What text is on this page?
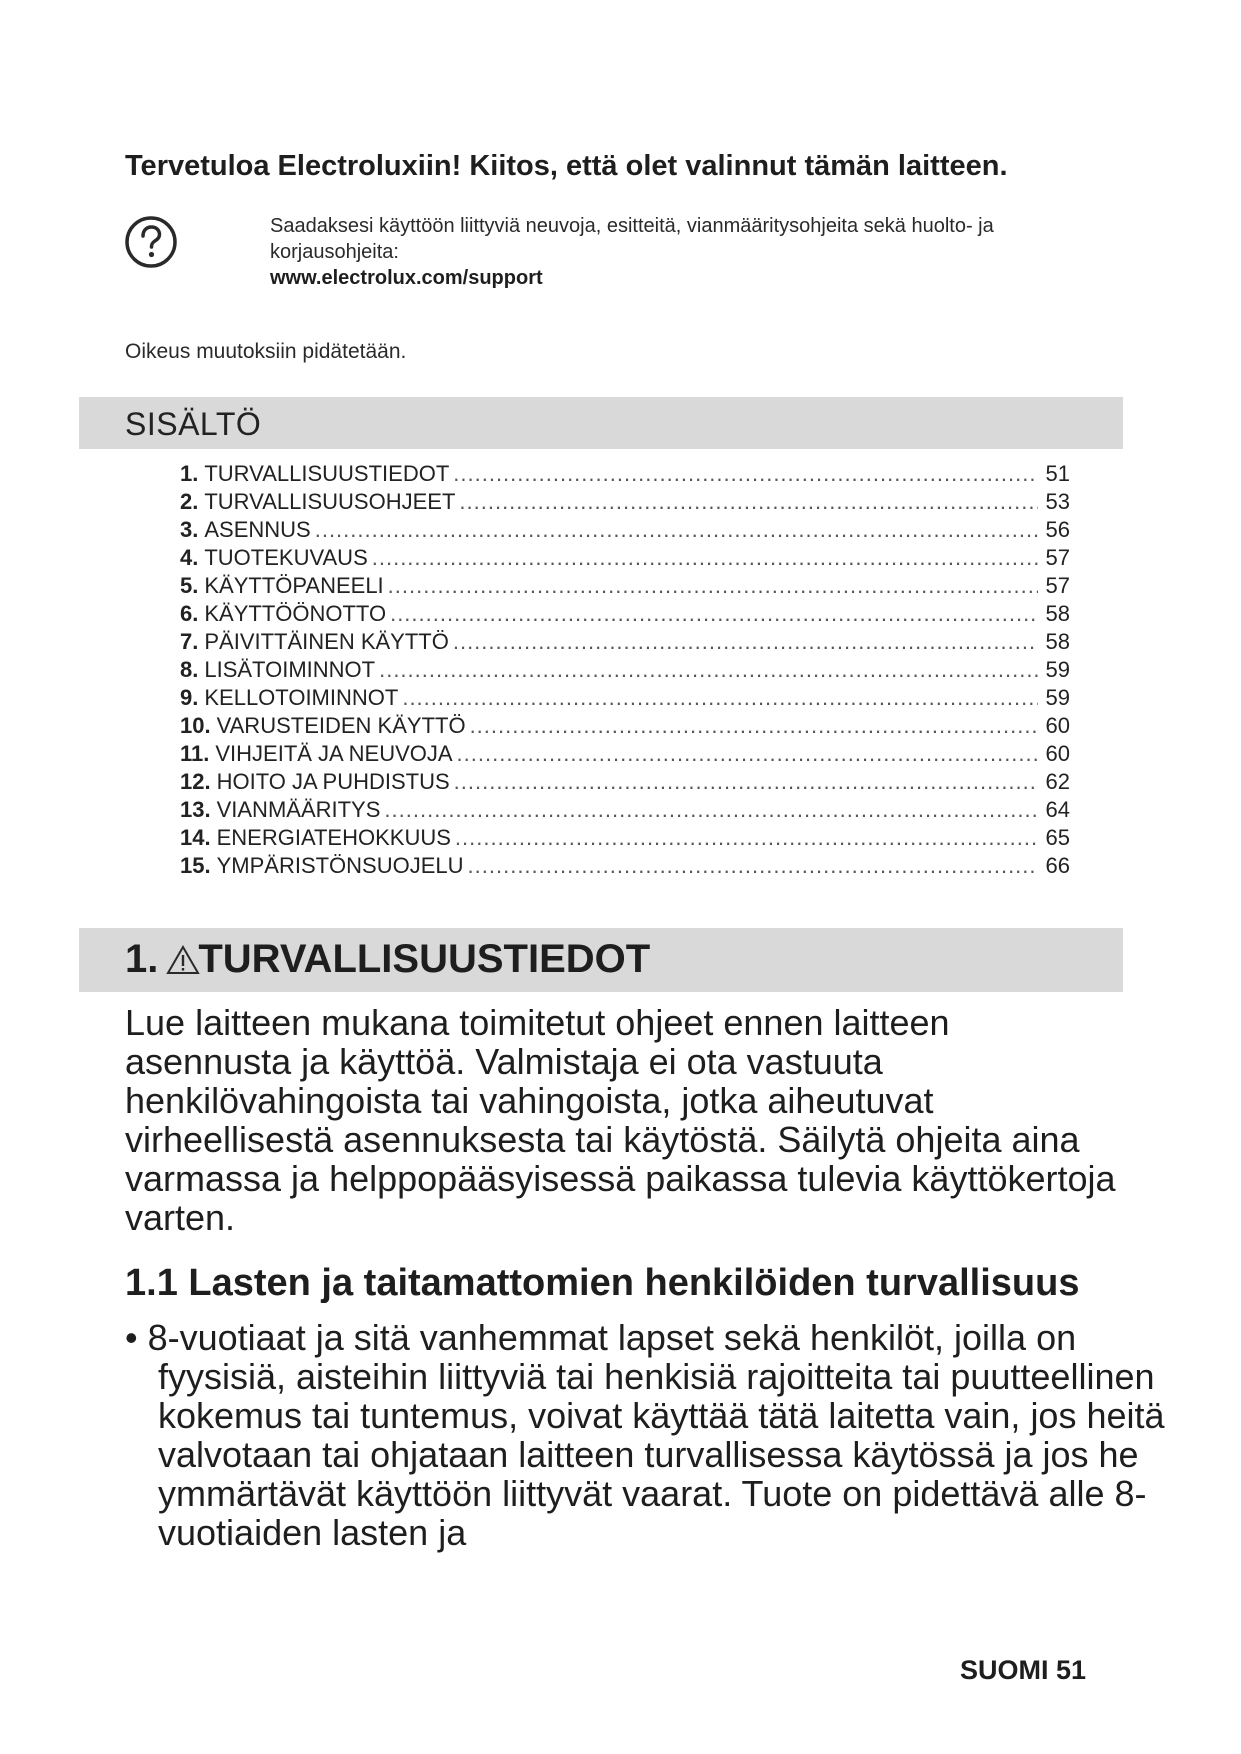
Tervetuloa Electroluxiin! Kiitos, että olet valinnut tämän laitteen.
Saadaksesi käyttöön liittyviä neuvoja, esitteitä, vianmääritysohjeita sekä huolto- ja korjausohjeita:
www.electrolux.com/support
Oikeus muutoksiin pidätetään.
SISÄLTÖ
1. TURVALLISUUSTIEDOT .....	51
2. TURVALLISUUSOHJEET .....	53
3. ASENNUS .....	56
4. TUOTEKUVAUS .....	57
5. KÄYTTÖPANEELI .....	57
6. KÄYTTÖÖNOTTO .....	58
7. PÄIVITTÄINEN KÄYTTÖ .....	58
8. LISÄTOIMINNOT .....	59
9. KELLOTOIMINNOT .....	59
10. VARUSTEIDEN KÄYTTÖ .....	60
11. VIHJEITÄ JA NEUVOJA .....	60
12. HOITO JA PUHDISTUS .....	62
13. VIANMÄÄRITYS .....	64
14. ENERGIATEHOKKUUS .....	65
15. YMPÄRISTÖNSUOJELU .....	66
1. TURVALLISUUSTIEDOT

Lue laitteen mukana toimitetut ohjeet ennen laitteen asennusta ja käyttöä. Valmistaja ei ota vastuuta henkilövahingoista tai vahingoista, jotka aiheutuvat virheellisestä asennuksesta tai käytöstä. Säilytä ohjeita aina varmassa ja helppopääsyisessä paikassa tulevia käyttökertoja varten.

1.1 Lasten ja taitamattomien henkilöiden turvallisuus
• 8-vuotiaat ja sitä vanhemmat lapset sekä henkilöt, joilla on fyysisiä, aisteihin liittyviä tai henkisiä rajoitteita tai puutteellinen kokemus tai tuntemus, voivat käyttää tätä laitetta vain, jos heitä valvotaan tai ohjataan laitteen turvallisessa käytössä ja jos he ymmärtävät käyttöön liittyvät vaarat. Tuote on pidettävä alle 8-vuotiaiden lasten ja
SUOMI 51
